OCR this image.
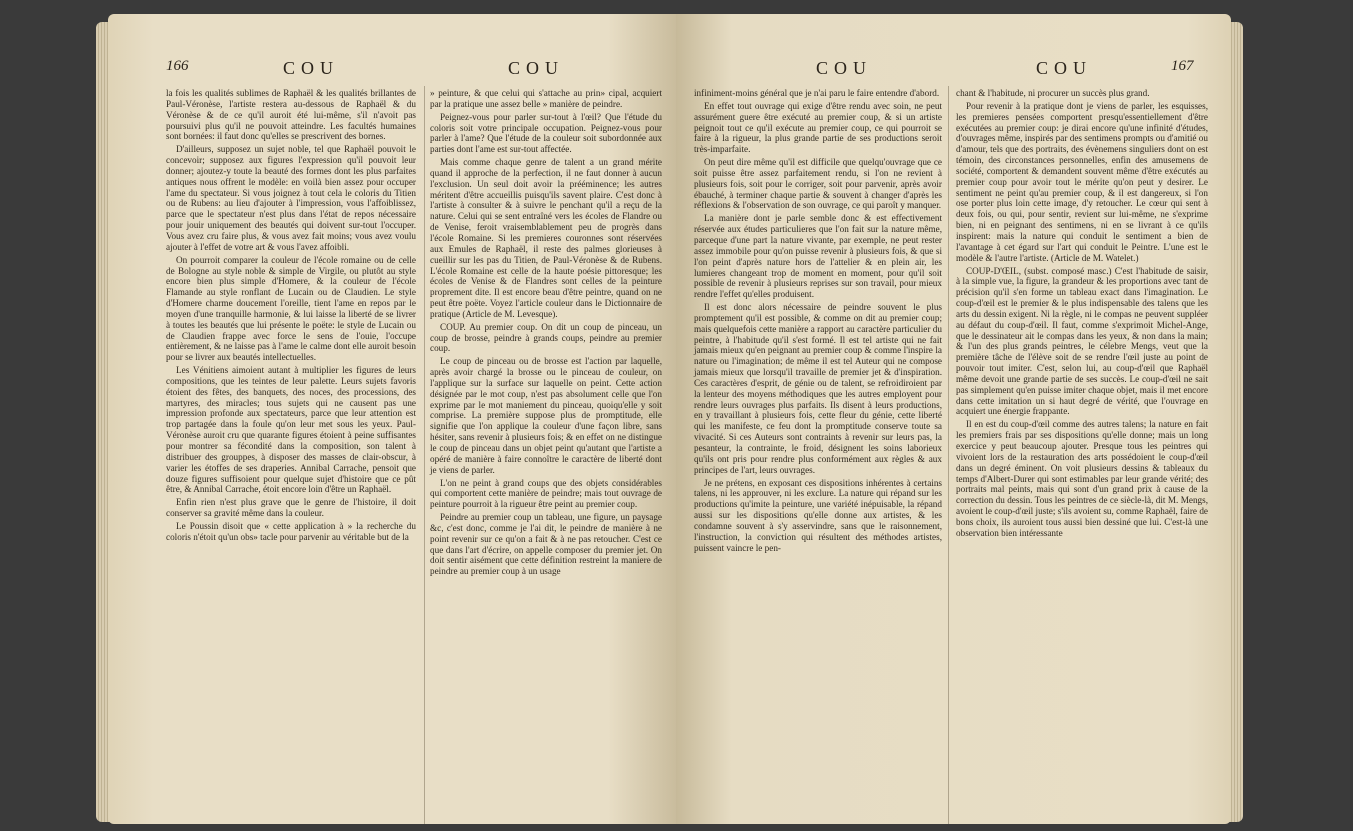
166	COU	COU

la fois les qualités sublimes de Raphaël & les qualités brillantes de Paul-Véronèse, l'artiste restera au-dessous de Raphaël & du Véronèse & de ce qu'il auroit été lui-même, s'il n'avoit pas poursuivi plus qu'il ne pouvoit atteindre. Les facultés humaines sont bornées: il faut donc qu'elles se prescrivent des bornes.

D'ailleurs, supposez un sujet noble, tel que Raphaël pouvoit le concevoir; supposez aux figures l'expression qu'il pouvoit leur donner; ajoutez-y toute la beauté des formes dont les plus parfaites antiques nous offrent le modèle: en voilà bien assez pour occuper l'ame du spectateur. Si vous joignez à tout cela le coloris du Titien ou de Rubens: au lieu d'ajouter à l'impression, vous l'affoiblissez, parce que le spectateur n'est plus dans l'état de repos nécessaire pour jouir uniquement des beautés qui doivent sur-tout l'occuper. Vous avez cru faire plus, & vous avez fait moins; vous avez voulu ajouter à l'effet de votre art & vous l'avez affoibli.

On pourroit comparer la couleur de l'école romaine ou de celle de Bologne au style noble & simple de Virgile, ou plutôt au style encore bien plus simple d'Homere, & la couleur de l'école Flamande au style ronflant de Lucain ou de Claudien. Le style d'Homere charme doucement l'oreille, tient l'ame en repos par le moyen d'une tranquille harmonie, & lui laisse la liberté de se livrer à toutes les beautés que lui présente le poëte: le style de Lucain ou de Claudien frappe avec force le sens de l'ouie, l'occupe entièrement, & ne laisse pas à l'ame le calme dont elle auroit besoin pour se livrer aux beautés intellectuelles.

Les Vénitiens aimoient autant à multiplier les figures de leurs compositions, que les teintes de leur palette. Leurs sujets favoris étoient des fêtes, des banquets, des noces, des processions, des martyres, des miracles; tous sujets qui ne causent pas une impression profonde aux spectateurs, parce que leur attention est trop partagée dans la foule qu'on leur met sous les yeux. Paul-Véronèse auroit cru que quarante figures étoient à peine suffisantes pour montrer sa fécondité dans la composition, son talent à distribuer des grouppes, à disposer des masses de clair-obscur, à varier les étoffes de ses draperies. Annibal Carrache, pensoit que douze figures suffisoient pour quelque sujet d'histoire que ce pût être, & Annibal Carrache, étoit encore loin d'être un Raphaël.

Enfin rien n'est plus grave que le genre de l'histoire, il doit conserver sa gravité même dans la couleur.

Le Poussin disoit que « cette application à » la recherche du coloris n'étoit qu'un obs» tacle pour parvenir au véritable but de la

» peinture, & que celui qui s'attache au prin» cipal, acquiert par la pratique une assez belle » manière de peindre.

Peignez-vous pour parler sur-tout à l'œil? Que l'étude du coloris soit votre principale occupation. Peignez-vous pour parler à l'ame? Que l'étude de la couleur soit subordonnée aux parties dont l'ame est sur-tout affectée.

Mais comme chaque genre de talent a un grand mérite quand il approche de la perfection, il ne faut donner à aucun l'exclusion. Un seul doit avoir la prééminence; les autres méritent d'être accueillis puisqu'ils savent plaire. C'est donc à l'artiste à consulter & à suivre le penchant qu'il a reçu de la nature. Celui qui se sent entraîné vers les écoles de Flandre ou de Venise, feroit vraisemblablement peu de progrès dans l'école Romaine. Si les premieres couronnes sont réservées aux Emules de Raphaël, il reste des palmes glorieuses à cueillir sur les pas du Titien, de Paul-Véronèse & de Rubens. L'école Romaine est celle de la haute poésie pittoresque; les écoles de Venise & de Flandres sont celles de la peinture proprement dite. Il est encore beau d'être peintre, quand on ne peut être poëte. Voyez l'article couleur dans le Dictionnaire de pratique (Article de M. Levesque).

COUP. Au premier coup. On dit un coup de pinceau, un coup de brosse, peindre à grands coups, peindre au premier coup.

Le coup de pinceau ou de brosse est l'action par laquelle, après avoir chargé la brosse ou le pinceau de couleur, on l'applique sur la surface sur laquelle on peint. Cette action désignée par le mot coup, n'est pas absolument celle que l'on exprime par le mot maniement du pinceau, quoiqu'elle y soit comprise. La première suppose plus de promptitude, elle signifie que l'on applique la couleur d'une façon libre, sans hésiter, sans revenir à plusieurs fois; & en effet on ne distingue le coup de pinceau dans un objet peint qu'autant que l'artiste a opéré de manière à faire connoître le caractère de liberté dont je viens de parler.

L'on ne peint à grand coups que des objets considérables qui comportent cette manière de peindre; mais tout ouvrage de peinture pourroit à la rigueur être peint au premier coup.

Peindre au premier coup un tableau, une figure, un paysage &c, c'est donc, comme je l'ai dit, le peindre de manière à ne point revenir sur ce qu'on a fait & à ne pas retoucher. C'est ce que dans l'art d'écrire, on appelle composer du premier jet. On doit sentir aisément que cette définition restreint la maniere de peindre au premier coup à un usage

COU	COU	167

infiniment-moins général que je n'ai paru le faire entendre d'abord.

En effet tout ouvrage qui exige d'être rendu avec soin, ne peut assurément guere être exécuté au premier coup, & si un artiste peignoit tout ce qu'il exécute au premier coup, ce qui pourroit se faire à la rigueur, la plus grande partie de ses productions seroit très-imparfaite.

On peut dire même qu'il est difficile que quelqu'ouvrage que ce soit puisse être assez parfaitement rendu, si l'on ne revient à plusieurs fois, soit pour le corriger, soit pour parvenir, après avoir ébauché, à terminer chaque partie & souvent à changer d'après les réflexions & l'observation de son ouvrage, ce qui paroît y manquer.

La manière dont je parle semble donc & est effectivement réservée aux études particulieres que l'on fait sur la nature même, parceque d'une part la nature vivante, par exemple, ne peut rester assez immobile pour qu'on puisse revenir à plusieurs fois, & que si l'on peint d'après nature hors de l'attelier & en plein air, les lumieres changeant trop de moment en moment, pour qu'il soit possible de revenir à plusieurs reprises sur son travail, pour mieux rendre l'effet qu'elles produisent.

Il est donc alors nécessaire de peindre souvent le plus promptement qu'il est possible, & comme on dit au premier coup; mais quelquefois cette manière a rapport au caractère particulier du peintre, à l'habitude qu'il s'est formé. Il est tel artiste qui ne fait jamais mieux qu'en peignant au premier coup & comme l'inspire la nature ou l'imagination; de même il est tel Auteur qui ne compose jamais mieux que lorsqu'il travaille de premier jet & d'inspiration. Ces caractères d'esprit, de génie ou de talent, se refroidiroient par la lenteur des moyens méthodiques que les autres employent pour rendre leurs ouvrages plus parfaits. Ils disent à leurs productions, en y travaillant à plusieurs fois, cette fleur du génie, cette liberté qui les manifeste, ce feu dont la promptitude conserve toute sa vivacité. Si ces Auteurs sont contraints à revenir sur leurs pas, la pesanteur, la contrainte, le froid, désignent les soins laborieux qu'ils ont pris pour rendre plus conformément aux règles & aux principes de l'art, leurs ouvrages.

Je ne prétens, en exposant ces dispositions inhérentes à certains talens, ni les approuver, ni les exclure. La nature qui répand sur les productions qu'imite la peinture, une variété inépuisable, la répand aussi sur les dispositions qu'elle donne aux artistes, & les condamne souvent à s'y asservindre, sans que le raisonnement, l'instruction, la conviction qui résultent des méthodes artistes, puissent vaincre le pen-

chant & l'habitude, ni procurer un succès plus grand.

Pour revenir à la pratique dont je viens de parler, les esquisses, les premieres pensées comportent presqu'essentiellement d'être exécutées au premier coup: je dirai encore qu'une infinité d'études, d'ouvrages même, inspirés par des sentimens prompts ou d'amitié ou d'amour, tels que des portraits, des évènemens singuliers dont on est témoin, des circonstances personnelles, enfin des amusemens de société, comportent & demandent souvent même d'être exécutés au premier coup pour avoir tout le mérite qu'on peut y desirer. Le sentiment ne peint qu'au premier coup, & il est dangereux, si l'on ose porter plus loin cette image, d'y retoucher. Le cœur qui sent à deux fois, ou qui, pour sentir, revient sur lui-même, ne s'exprime bien, ni en peignant des sentimens, ni en se livrant à ce qu'ils inspirent: mais la nature qui conduit le sentiment a bien de l'avantage à cet égard sur l'art qui conduit le Peintre. L'une est le modèle & l'autre l'artiste. (Article de M. Watelet.)

COUP-D'ŒIL, (subst. composé masc.) C'est l'habitude de saisir, à la simple vue, la figure, la grandeur & les proportions avec tant de précision qu'il s'en forme un tableau exact dans l'imagination. Le coup-d'œil est le premier & le plus indispensable des talens que les arts du dessin exigent. Ni la règle, ni le compas ne peuvent suppléer au défaut du coup-d'œil. Il faut, comme s'exprimoit Michel-Ange, que le dessinateur ait le compas dans les yeux, & non dans la main; & l'un des plus grands peintres, le célebre Mengs, veut que la première tâche de l'élève soit de se rendre l'œil juste au point de pouvoir tout imiter. C'est, selon lui, au coup-d'œil que Raphaël même devoit une grande partie de ses succès. Le coup-d'œil ne sait pas simplement qu'en puisse imiter chaque objet, mais il met encore dans cette imitation un si haut degré de vérité, que l'ouvrage en acquiert une énergie frappante.

Il en est du coup-d'œil comme des autres talens; la nature en fait les premiers frais par ses dispositions qu'elle donne; mais un long exercice y peut beaucoup ajouter. Presque tous les peintres qui vivoient lors de la restauration des arts possédoient le coup-d'œil dans un degré éminent. On voit plusieurs dessins & tableaux du temps d'Albert-Durer qui sont estimables par leur grande vérité; des portraits mal peints, mais qui sont d'un grand prix à cause de la correction du dessin. Tous les peintres de ce siècle-là, dit M. Mengs, avoient le coup-d'œil juste; s'ils avoient su, comme Raphaël, faire de bons choix, ils auroient tous aussi bien dessiné que lui. C'est-là une observation bien intéressante
